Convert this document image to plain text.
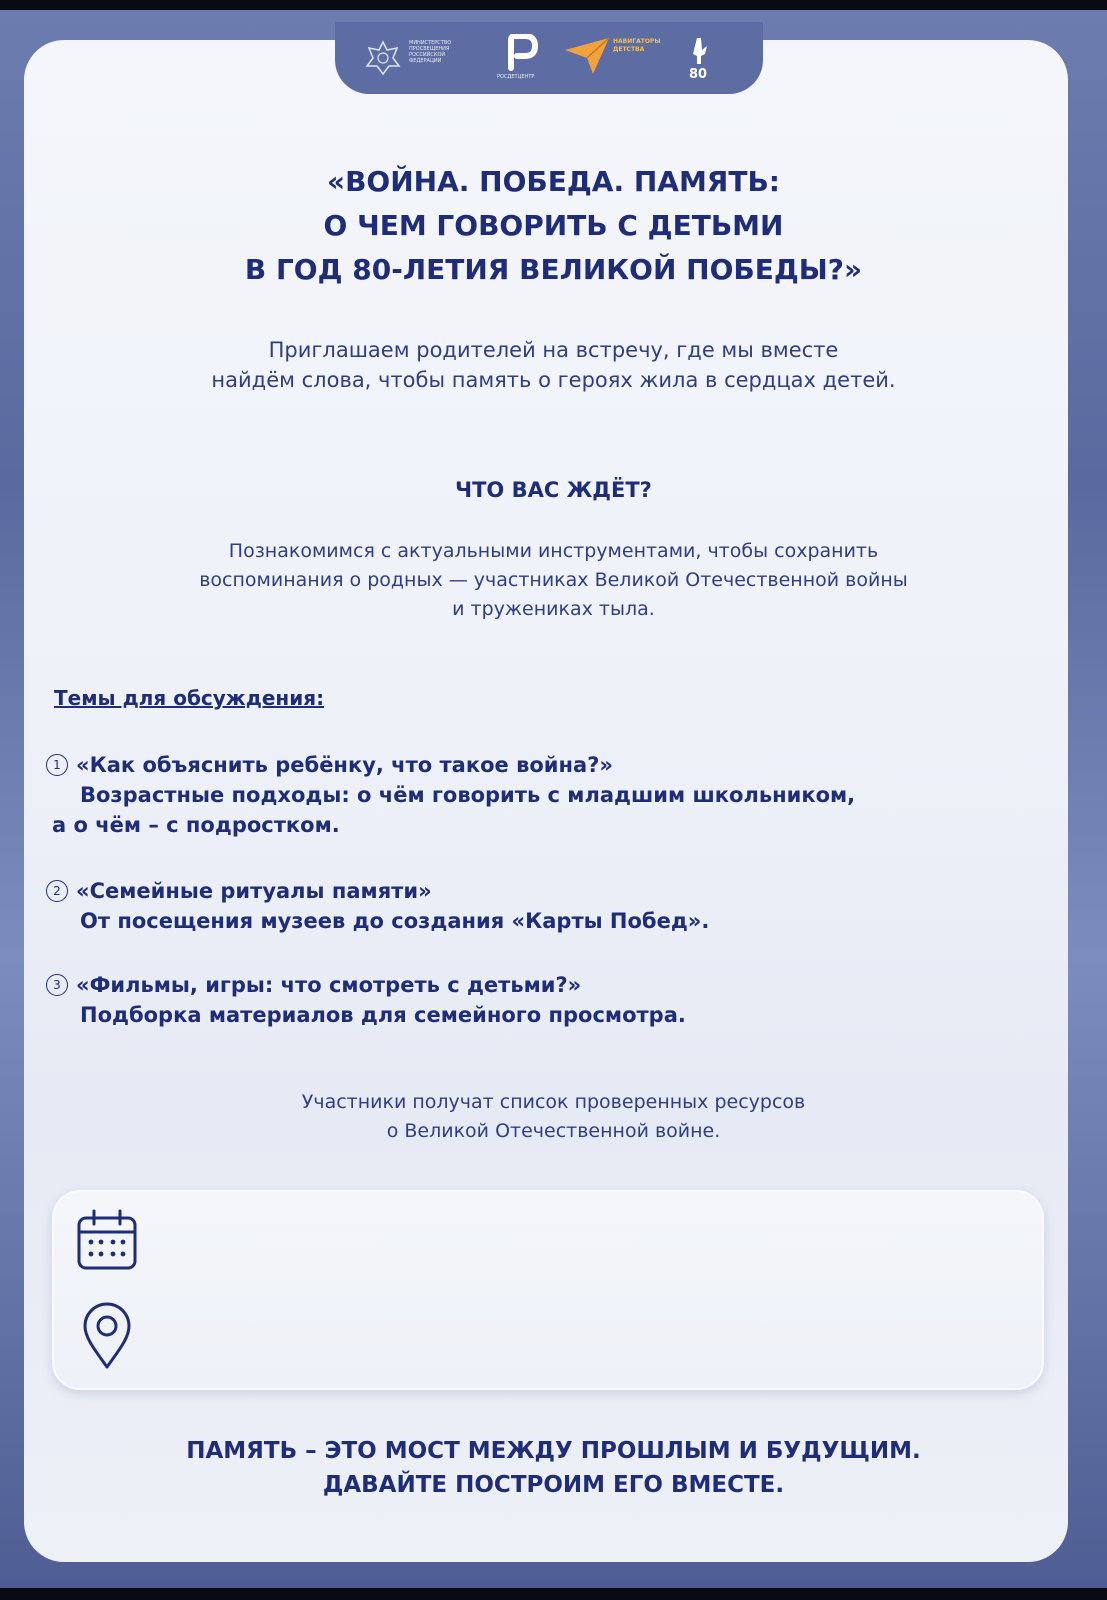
МИНИСТЕРСТВО ПРОСВЕЩЕНИЯ РОССИЙСКОЙ ФЕДЕРАЦИИ
РОСДЕТЦЕНТР
НАВИГАТОРЫ ДЕТСТВА
80
«ВОЙНА. ПОБЕДА. ПАМЯТЬ:
О ЧЕМ ГОВОРИТЬ С ДЕТЬМИ
В ГОД 80-ЛЕТИЯ ВЕЛИКОЙ ПОБЕДЫ?»

Приглашаем родителей на встречу, где мы вместе
найдём слова, чтобы память о героях жила в сердцах детей.

ЧТО ВАС ЖДЁТ?

Познакомимся с актуальными инструментами, чтобы сохранить
воспоминания о родных — участниках Великой Отечественной войны
и тружениках тыла.

Темы для обсуждения:
1 «Как объяснить ребёнку, что такое война?»
Возрастные подходы: о чём говорить с младшим школьником,
а о чём – с подростком.
2 «Семейные ритуалы памяти»
От посещения музеев до создания «Карты Побед».
3 «Фильмы, игры: что смотреть с детьми?»
Подборка материалов для семейного просмотра.

Участники получат список проверенных ресурсов
о Великой Отечественной войне.

ПАМЯТЬ – ЭТО МОСТ МЕЖДУ ПРОШЛЫМ И БУДУЩИМ.
ДАВАЙТЕ ПОСТРОИМ ЕГО ВМЕСТЕ.
